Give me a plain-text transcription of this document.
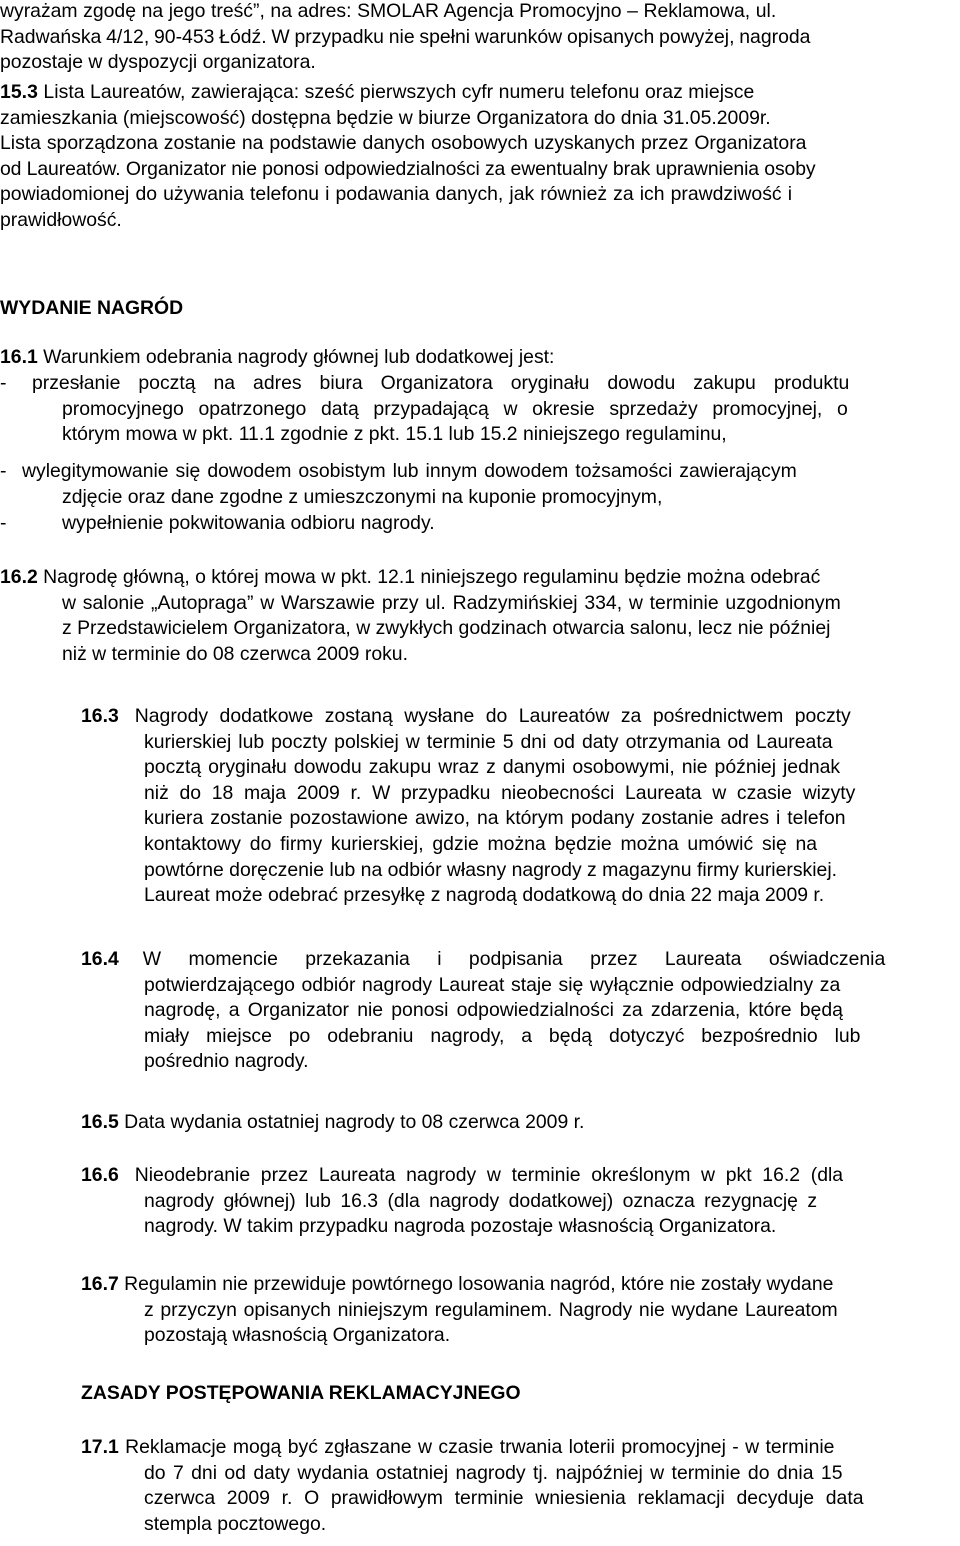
wyrażam zgodę na jego treść”, na adres: SMOLAR Agencja Promocyjno – Reklamowa, ul.
Radwańska 4/12, 90-453 Łódź. W przypadku nie spełni warunków opisanych powyżej, nagroda
pozostaje w dyspozycji organizatora.
15.3 Lista Laureatów, zawierająca: sześć pierwszych cyfr numeru telefonu oraz miejsce
zamieszkania (miejscowość) dostępna będzie w biurze Organizatora do dnia 31.05.2009r.
Lista sporządzona zostanie na podstawie danych osobowych uzyskanych przez Organizatora
od Laureatów. Organizator nie ponosi odpowiedzialności za ewentualny brak uprawnienia osoby
powiadomionej do używania telefonu i podawania danych, jak również za ich prawdziwość i
prawidłowość.
WYDANIE NAGRÓD
16.1 Warunkiem odebrania nagrody głównej lub dodatkowej jest:
- przesłanie pocztą na adres biura Organizatora oryginału dowodu zakupu produktu
promocyjnego opatrzonego datą przypadającą w okresie sprzedaży promocyjnej, o
którym mowa w pkt. 11.1 zgodnie z pkt. 15.1 lub 15.2 niniejszego regulaminu,
- wylegitymowanie się dowodem osobistym lub innym dowodem tożsamości zawierającym
zdjęcie oraz dane zgodne z umieszczonymi na kuponie promocyjnym,
-	wypełnienie pokwitowania odbioru nagrody.
16.2 Nagrodę główną, o której mowa w pkt. 12.1 niniejszego regulaminu będzie można odebrać
w salonie „Autopraga” w Warszawie przy ul. Radzymińskiej 334, w terminie uzgodnionym
z Przedstawicielem Organizatora, w zwykłych godzinach otwarcia salonu, lecz nie później
niż w terminie do 08 czerwca 2009 roku.
16.3 Nagrody dodatkowe zostaną wysłane do Laureatów za pośrednictwem poczty
kurierskiej lub poczty polskiej w terminie 5 dni od daty otrzymania od Laureata
pocztą oryginału dowodu zakupu wraz z danymi osobowymi, nie później jednak
niż do 18 maja 2009 r. W przypadku nieobecności Laureata w czasie wizyty
kuriera zostanie pozostawione awizo, na którym podany zostanie adres i telefon
kontaktowy do firmy kurierskiej, gdzie można będzie można umówić się na
powtórne doręczenie lub na odbiór własny nagrody z magazynu firmy kurierskiej.
Laureat może odebrać przesyłkę z nagrodą dodatkową do dnia 22 maja 2009 r.
16.4 W momencie przekazania i podpisania przez Laureata oświadczenia
potwierdzającego odbiór nagrody Laureat staje się wyłącznie odpowiedzialny za
nagrodę, a Organizator nie ponosi odpowiedzialności za zdarzenia, które będą
miały miejsce po odebraniu nagrody, a będą dotyczyć bezpośrednio lub
pośrednio nagrody.
16.5 Data wydania ostatniej nagrody to 08 czerwca 2009 r.
16.6 Nieodebranie przez Laureata nagrody w terminie określonym w pkt 16.2 (dla
nagrody głównej) lub 16.3 (dla nagrody dodatkowej) oznacza rezygnację z
nagrody. W takim przypadku nagroda pozostaje własnością Organizatora.
16.7 Regulamin nie przewiduje powtórnego losowania nagród, które nie zostały wydane
z przyczyn opisanych niniejszym regulaminem. Nagrody nie wydane Laureatom
pozostają własnością Organizatora.
ZASADY POSTĘPOWANIA REKLAMACYJNEGO
17.1 Reklamacje mogą być zgłaszane w czasie trwania loterii promocyjnej - w terminie
do 7 dni od daty wydania ostatniej nagrody tj. najpóźniej w terminie do dnia 15
czerwca 2009 r. O prawidłowym terminie wniesienia reklamacji decyduje data
stempla pocztowego.
